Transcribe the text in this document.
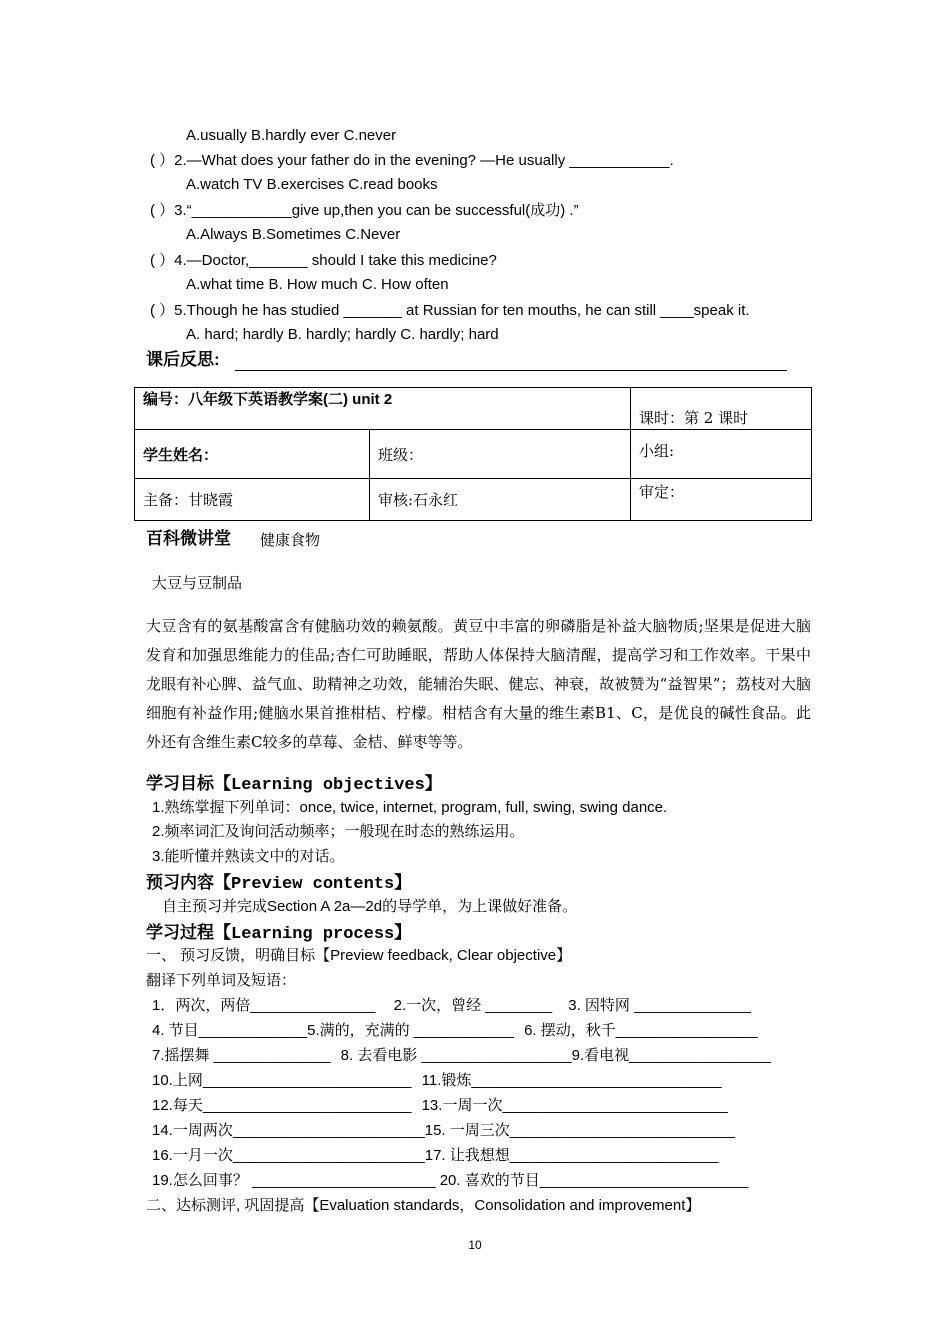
A.usually B.hardly ever C.never
( ）2.—What does your father do in the evening? —He usually ____________.
A.watch TV B.exercises C.read books
( ）3.“____________give up,then you can be successful(成功) .”
A.Always B.Sometimes C.Never
( ）4.—Doctor,_______ should I take this medicine?
A.what time B. How much C. How often
( ）5.Though he has studied _______ at Russian for ten mouths, he can still ____speak it.
A. hard; hardly B. hardly; hardly C. hardly; hard
课后反思:
编号：八年级下英语教学案(二) unit 2		课时：第 2 课时
学生姓名：	班级：	小组:
主备：甘晓霞	审核:石永红	审定：
百科微讲堂 健康食物
大豆与豆制品
大豆含有的氨基酸富含有健脑功效的赖氨酸。黄豆中丰富的卵磷脂是补益大脑物质;坚果是促进大脑发育和加强思维能力的佳品;杏仁可助睡眠，帮助人体保持大脑清醒，提高学习和工作效率。干果中龙眼有补心脾、益气血、助精神之功效，能辅治失眠、健忘、神衰，故被赞为“益智果”；荔枝对大脑细胞有补益作用;健脑水果首推柑桔、柠檬。柑桔含有大量的维生素B1、C，是优良的碱性食品。此外还有含维生素C较多的草莓、金桔、鲜枣等等。
学习目标【Learning objectives】
1.熟练掌握下列单词：once, twice, internet, program, full, swing, swing dance.
2.频率词汇及询问活动频率；一般现在时态的熟练运用。
3.能听懂并熟读文中的对话。
预习内容【Preview contents】
自主预习并完成Section A 2a—2d的导学单，为上课做好准备。
学习过程【Learning process】
一、 预习反馈，明确目标【Preview feedback, Clear objective】
翻译下列单词及短语：
1．两次，两倍_______________ 2.一次，曾经 ________ 3. 因特网 ______________
4. 节目_____________5.满的，充满的 ____________ 6. 摆动，秋千_________________
7.摇摆舞 ______________ 8. 去看电影 __________________9.看电视_________________
10.上网_________________________ 11.锻炼______________________________
12.每天_________________________ 13.一周一次___________________________
14.一周两次_______________________15. 一周三次___________________________
16.一月一次_______________________17. 让我想想_________________________
19.怎么回事？ ______________________ 20. 喜欢的节目_________________________
二、达标测评, 巩固提高【Evaluation standards，Consolidation and improvement】
10
